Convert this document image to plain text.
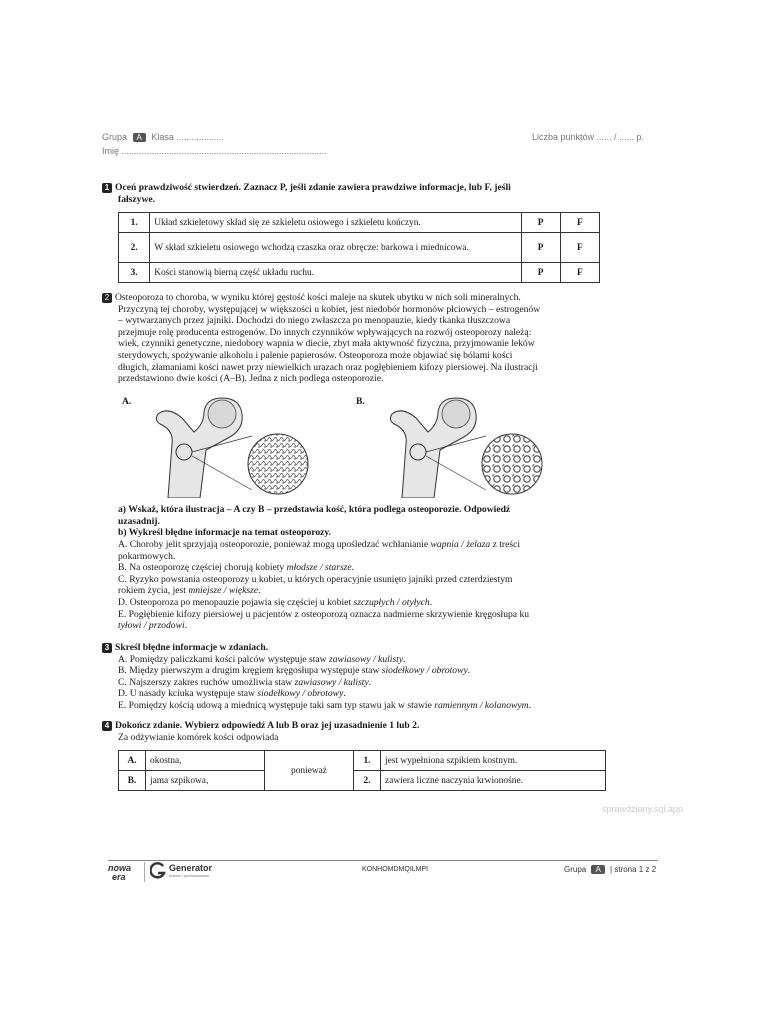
Grupa A Klasa ...................
Imię ..................................................................................
Liczba punktów ...... / ...... p.
1 Oceń prawdziwość stwierdzeń. Zaznacz P, jeśli zdanie zawiera prawdziwe informacje, lub F, jeśli
fałszywe.
1.	Układ szkieletowy skład się ze szkieletu osiowego i szkieletu kończyn.	P	F
2.	W skład szkieletu osiowego wchodzą czaszka oraz obręcze: barkowa i miednicowa.	P	F
3.	Kości stanowią bierną część układu ruchu.	P	F
2 Osteoporoza to choroba, w wyniku której gęstość kości maleje na skutek ubytku w nich soli mineralnych.
Przyczyną tej choroby, występującej w większości u kobiet, jest niedobór hormonów płciowych – estrogenów
– wytwarzanych przez jajniki. Dochodzi do niego zwłaszcza po menopauzie, kiedy tkanka tłuszczowa
przejmuje rolę producenta estrogenów. Do innych czynników wpływających na rozwój osteoporozy należą:
wiek, czynniki genetyczne, niedobory wapnia w diecie, zbyt mała aktywność fizyczna, przyjmowanie leków
sterydowych, spożywanie alkoholu i palenie papierosów. Osteoporoza może objawiać się bólami kości
długich, złamaniami kości nawet przy niewielkich urazach oraz pogłębieniem kifozy piersiowej. Na ilustracji
przedstawiono dwie kości (A–B). Jedna z nich podlega osteoporozie.
A.	B.
a) Wskaż, która ilustracja – A czy B – przedstawia kość, która podlega osteoporozie. Odpowiedź
uzasadnij.
b) Wykreśl błędne informacje na temat osteoporozy.
A. Choroby jelit sprzyjają osteoporozie, ponieważ mogą upośledzać wchłanianie wapnia / żelaza z treści
pokarmowych.
B. Na osteoporozę częściej chorują kobiety młodsze / starsze.
C. Ryzyko powstania osteoporozy u kobiet, u których operacyjnie usunięto jajniki przed czterdziestym
rokiem życia, jest mniejsze / większe.
D. Osteoporoza po menopauzie pojawia się częściej u kobiet szczupłych / otyłych.
E. Pogłębienie kifozy piersiowej u pacjentów z osteoporozą oznacza nadmierne skrzywienie kręgosłupa ku
tyłowi / przodowi.
3 Skreśl błędne informacje w zdaniach.
A. Pomiędzy paliczkami kości palców występuje staw zawiasowy / kulisty.
B. Między pierwszym a drugim kręgiem kręgosłupa występuje staw siodełkowy / obrotowy.
C. Najszerszy zakres ruchów umożliwia staw zawiasowy / kulisty.
D. U nasady kciuka występuje staw siodełkowy / obrotowy.
E. Pomiędzy kością udową a miednicą występuje taki sam typ stawu jak w stawie ramiennym / kolanowym.
sprawdziany.sql.app
4 Dokończ zdanie. Wybierz odpowiedź A lub B oraz jej uzasadnienie 1 lub 2.
Za odżywianie komórek kości odpowiada
A.	okostna,	ponieważ	1.	jest wypełniona szpikiem kostnym.
B.	jama szpikowa,		2.	zawiera liczne naczynia krwionośne.
nowa
era
Generator
testów i sprawdzianów
KONHOMDMQILMPI	Grupa A | strona 1 z 2
